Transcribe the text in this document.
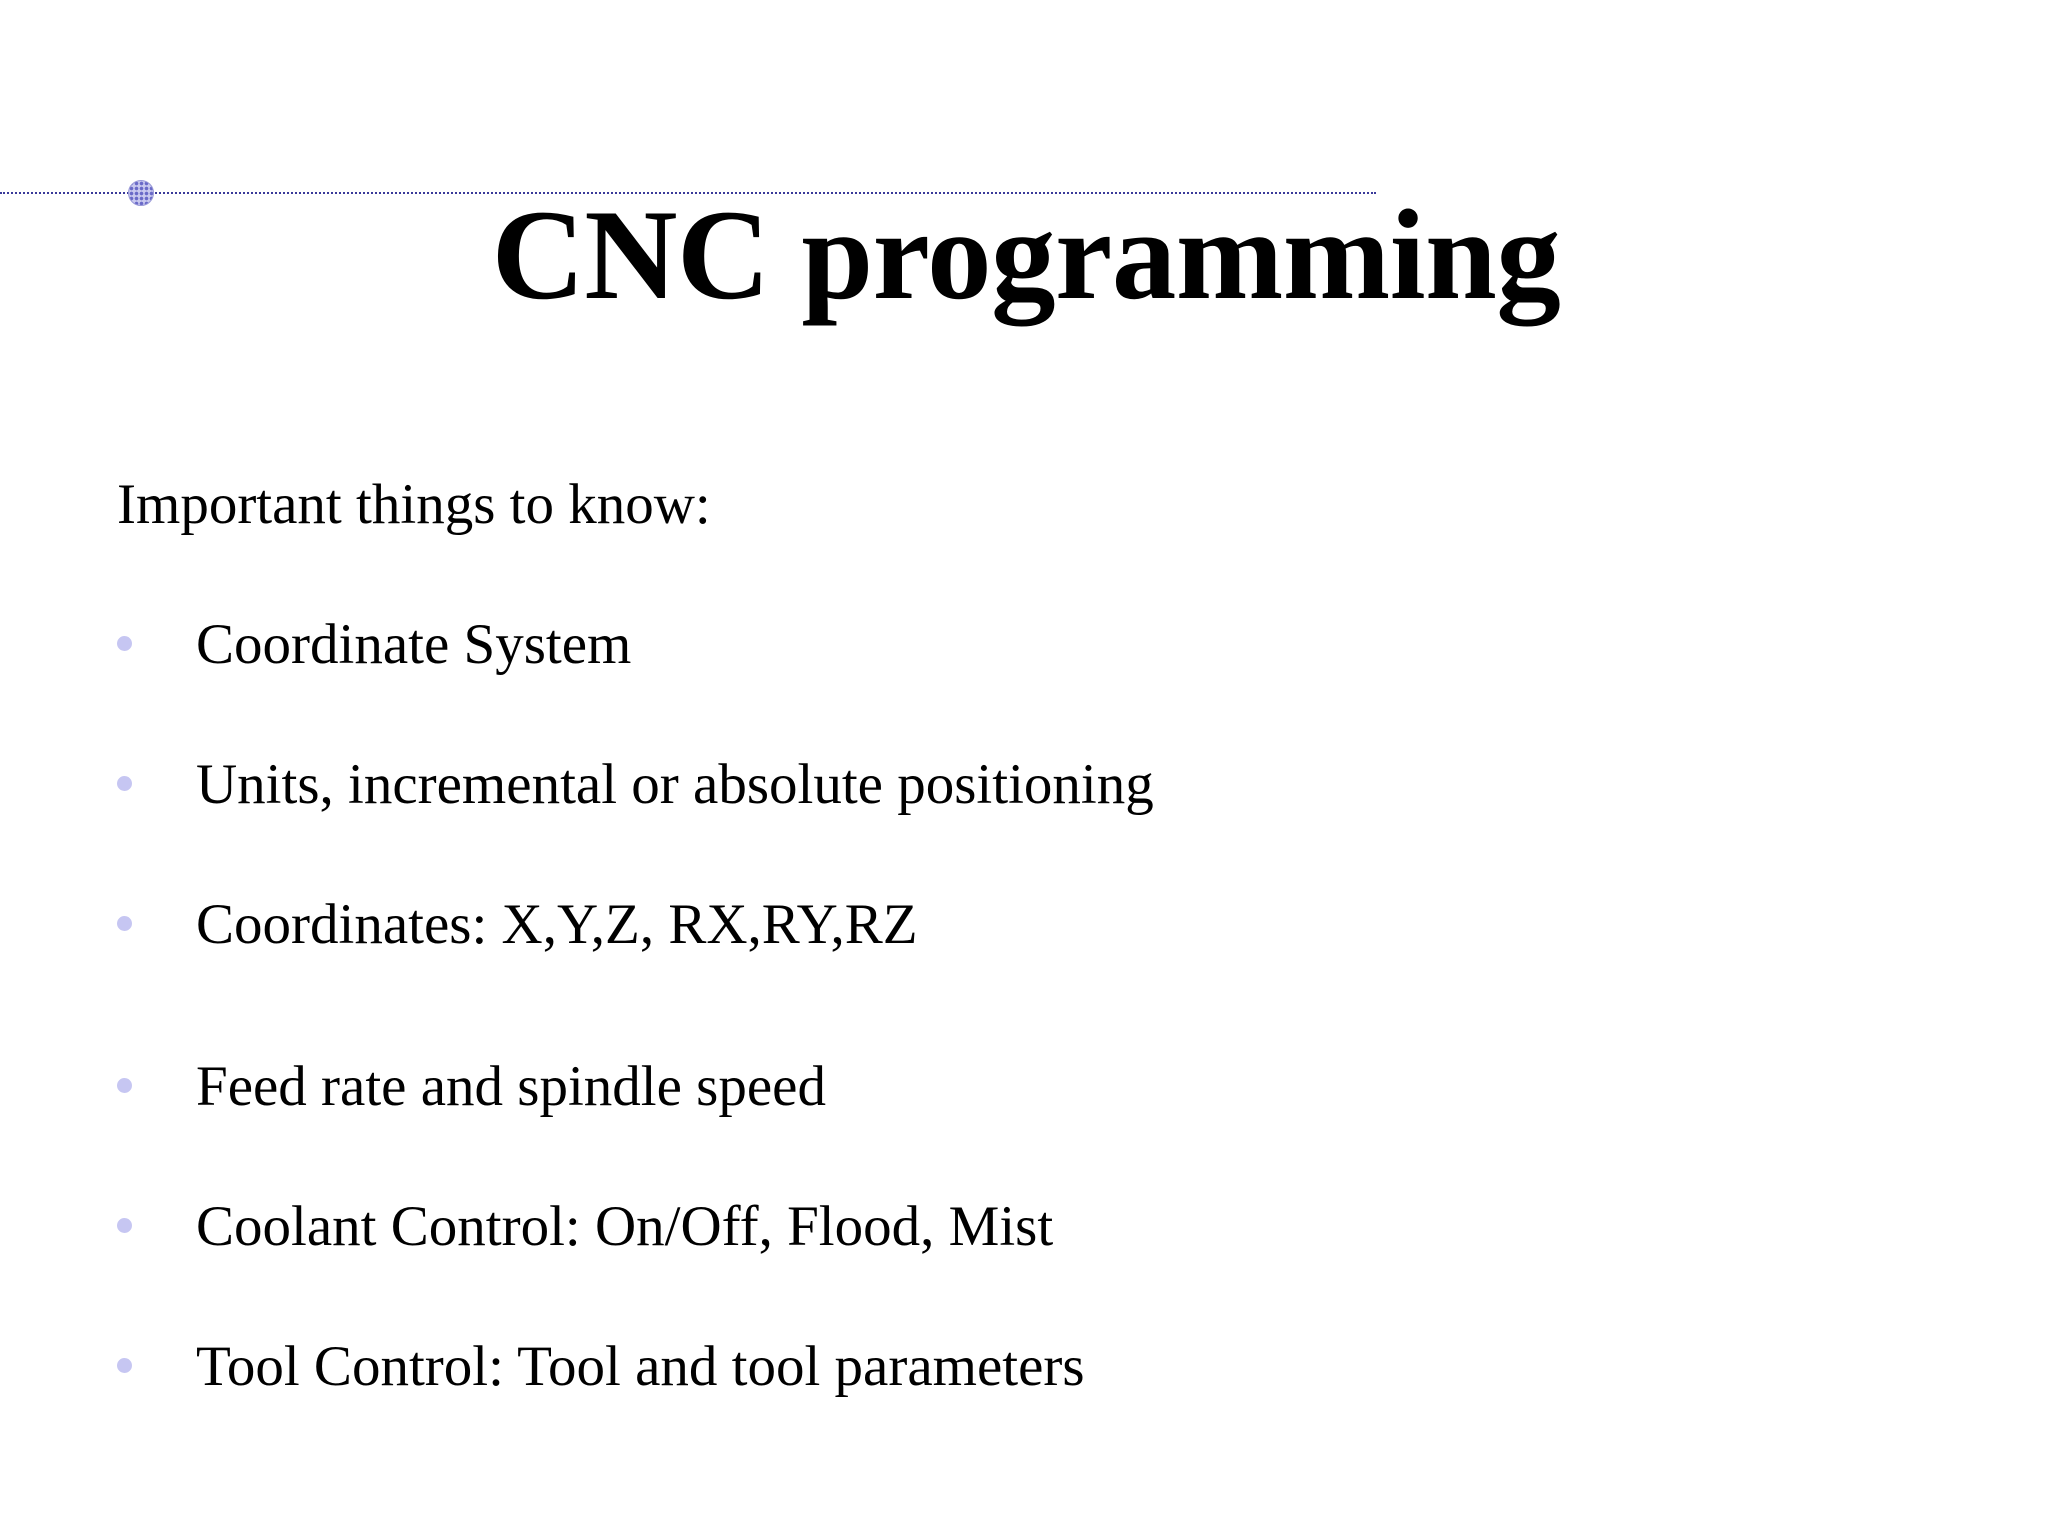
CNC programming

Important things to know:

Coordinate System
Units, incremental or absolute positioning
Coordinates: X,Y,Z, RX,RY,RZ
Feed rate and spindle speed
Coolant Control: On/Off, Flood, Mist
Tool Control: Tool and tool parameters
